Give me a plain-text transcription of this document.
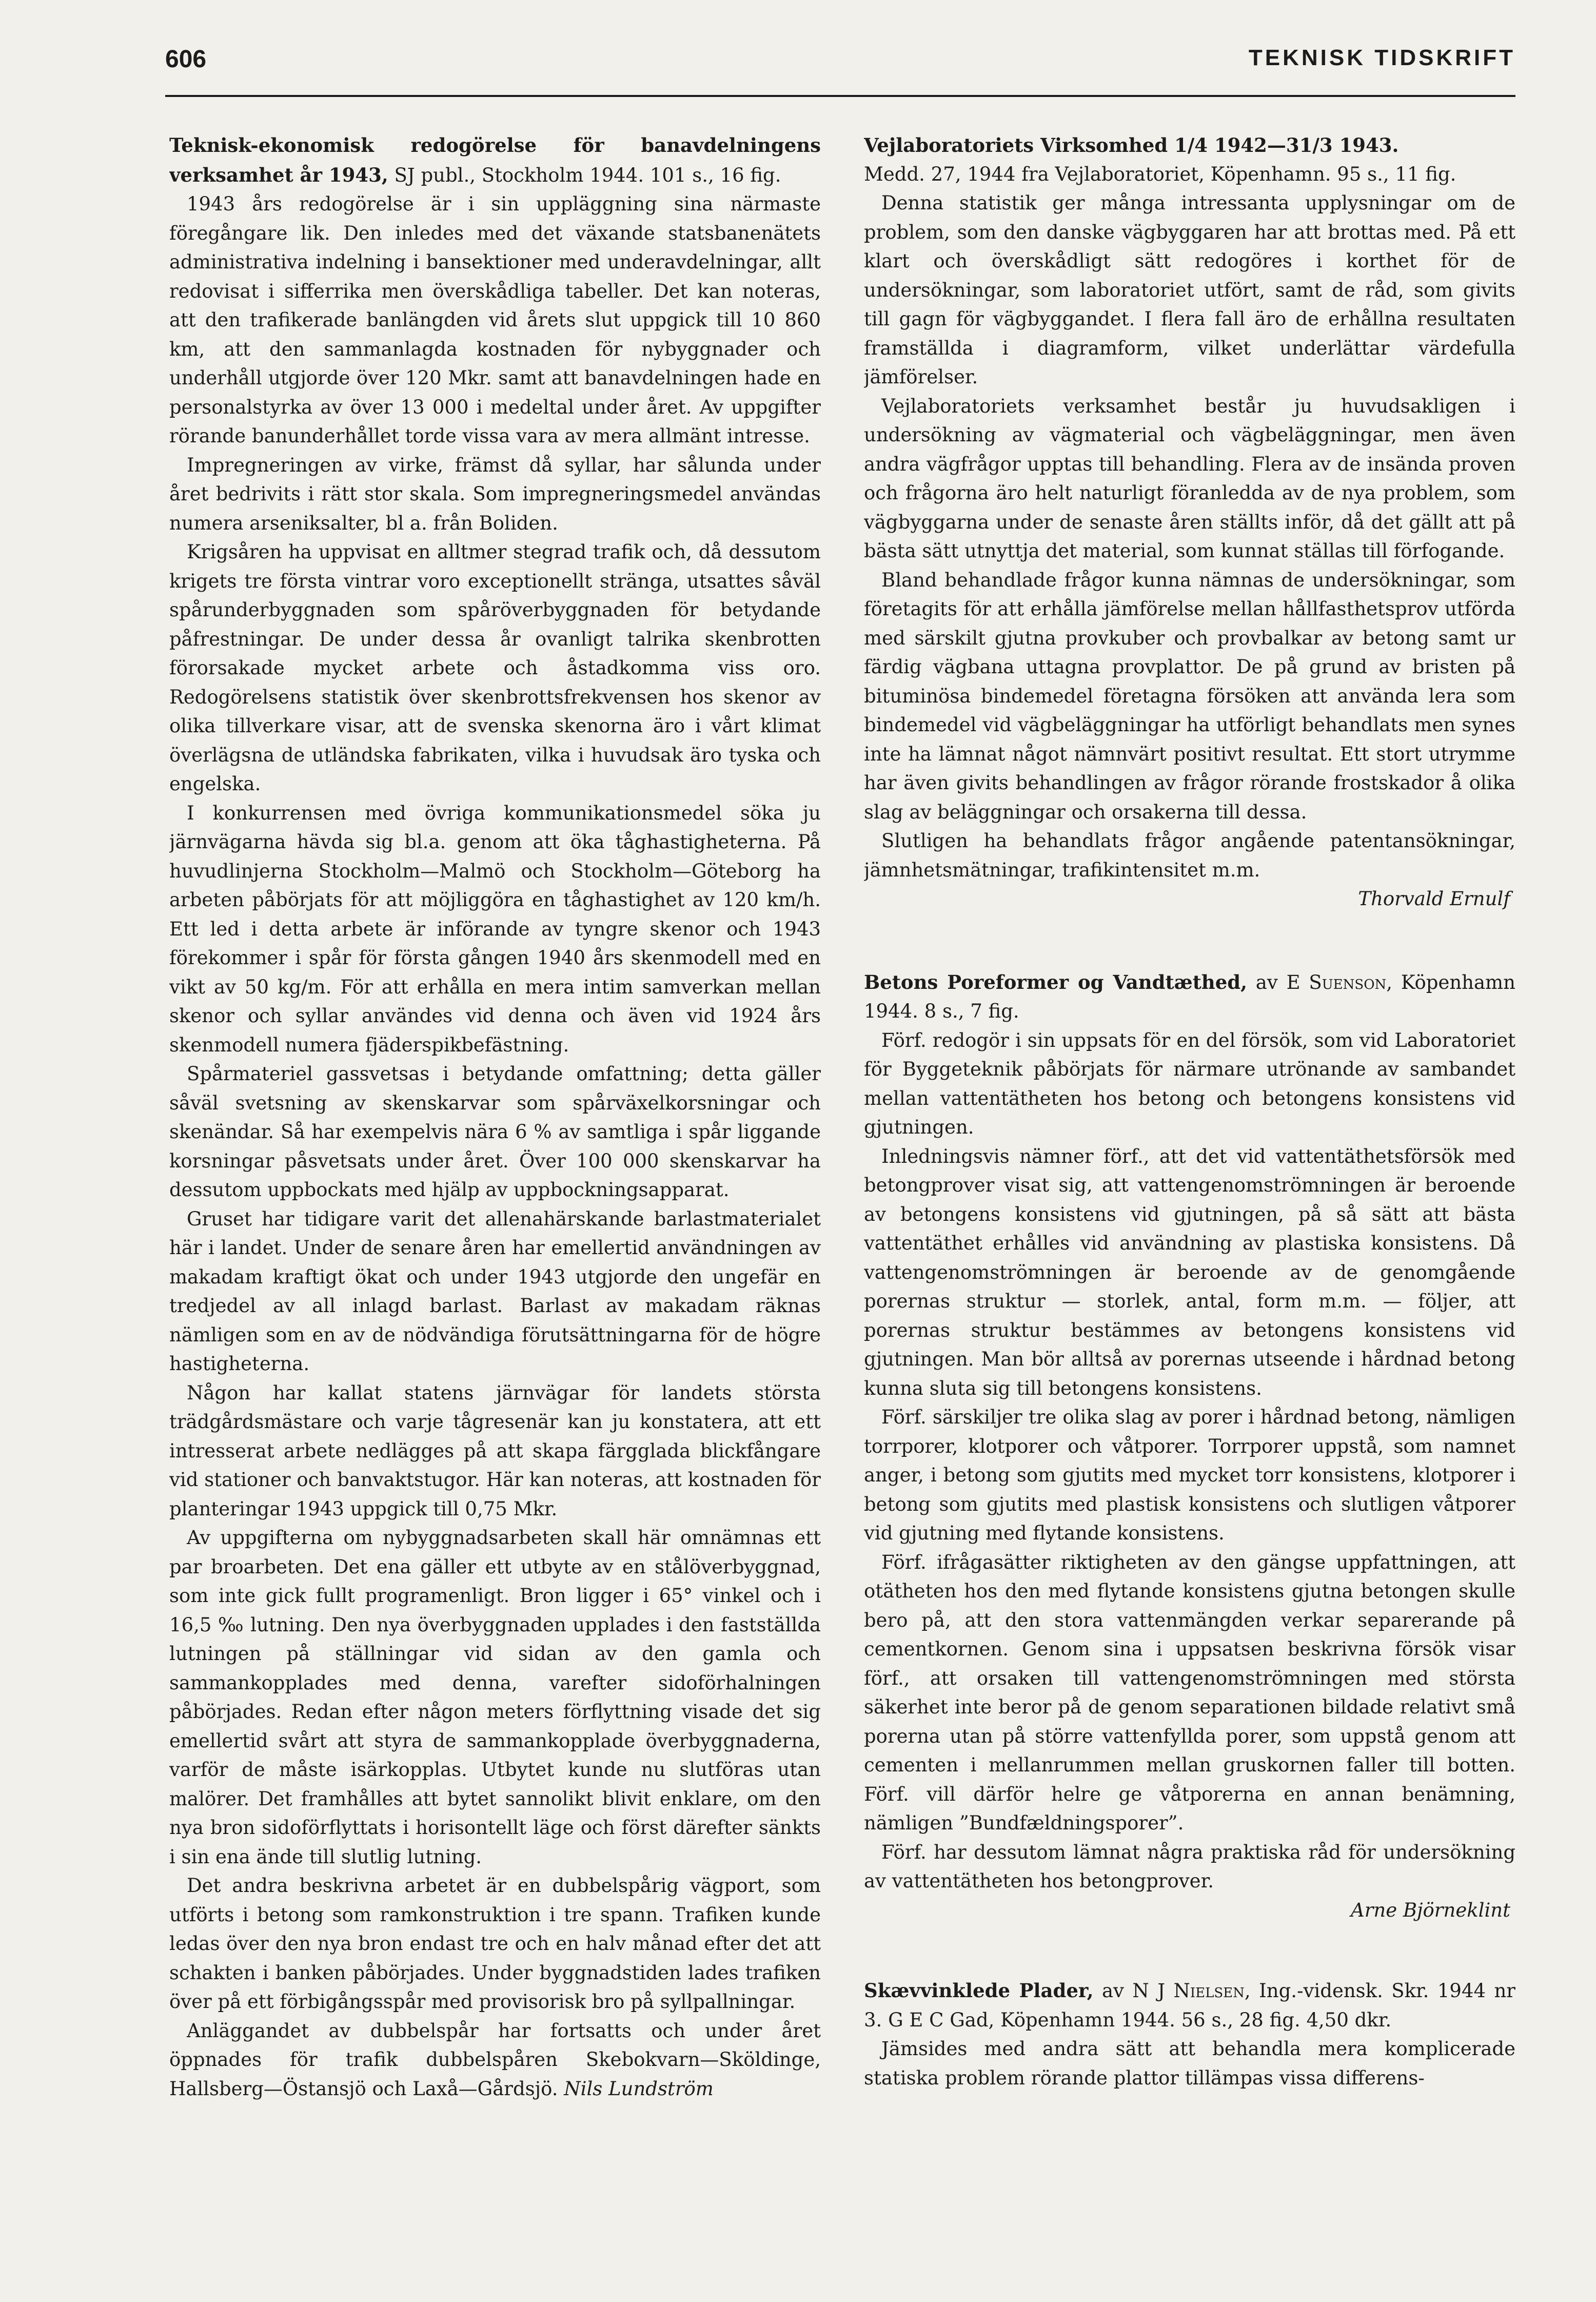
606	TEKNISK TIDSKRIFT

Teknisk-ekonomisk redogörelse för banavdelningens verksamhet år 1943, SJ publ., Stockholm 1944. 101 s., 16 fig.

1943 års redogörelse är i sin uppläggning sina närmaste föregångare lik. Den inledes med det växande statsbanenätets administrativa indelning i bansektioner med underavdelningar, allt redovisat i sifferrika men överskådliga tabeller. Det kan noteras, att den trafikerade banlängden vid årets slut uppgick till 10 860 km, att den sammanlagda kostnaden för nybyggnader och underhåll utgjorde över 120 Mkr. samt att banavdelningen hade en personalstyrka av över 13 000 i medeltal under året. Av uppgifter rörande banunderhållet torde vissa vara av mera allmänt intresse.

Impregneringen av virke, främst då syllar, har sålunda under året bedrivits i rätt stor skala. Som impregneringsmedel användas numera arseniksalter, bl a. från Boliden.

Krigsåren ha uppvisat en alltmer stegrad trafik och, då dessutom krigets tre första vintrar voro exceptionellt stränga, utsattes såväl spårunderbyggnaden som spåröverbyggnaden för betydande påfrestningar. De under dessa år ovanligt talrika skenbrotten förorsakade mycket arbete och åstadkomma viss oro. Redogörelsens statistik över skenbrottsfrekvensen hos skenor av olika tillverkare visar, att de svenska skenorna äro i vårt klimat överlägsna de utländska fabrikaten, vilka i huvudsak äro tyska och engelska.

I konkurrensen med övriga kommunikationsmedel söka ju järnvägarna hävda sig bl.a. genom att öka tåghastigheterna. På huvudlinjerna Stockholm—Malmö och Stockholm—Göteborg ha arbeten påbörjats för att möjliggöra en tåghastighet av 120 km/h. Ett led i detta arbete är införande av tyngre skenor och 1943 förekommer i spår för första gången 1940 års skenmodell med en vikt av 50 kg/m. För att erhålla en mera intim samverkan mellan skenor och syllar användes vid denna och även vid 1924 års skenmodell numera fjäderspikbefästning.

Spårmateriel gassvetsas i betydande omfattning; detta gäller såväl svetsning av skenskarvar som spårväxelkorsningar och skenändar. Så har exempelvis nära 6 % av samtliga i spår liggande korsningar påsvetsats under året. Över 100 000 skenskarvar ha dessutom uppbockats med hjälp av uppbockningsapparat.

Gruset har tidigare varit det allenahärskande barlastmaterialet här i landet. Under de senare åren har emellertid användningen av makadam kraftigt ökat och under 1943 utgjorde den ungefär en tredjedel av all inlagd barlast. Barlast av makadam räknas nämligen som en av de nödvändiga förutsättningarna för de högre hastigheterna.

Någon har kallat statens järnvägar för landets största trädgårdsmästare och varje tågresenär kan ju konstatera, att ett intresserat arbete nedlägges på att skapa färgglada blickfångare vid stationer och banvaktstugor. Här kan noteras, att kostnaden för planteringar 1943 uppgick till 0,75 Mkr.

Av uppgifterna om nybyggnadsarbeten skall här omnämnas ett par broarbeten. Det ena gäller ett utbyte av en stålöverbyggnad, som inte gick fullt programenligt. Bron ligger i 65° vinkel och i 16,5 ‰ lutning. Den nya överbyggnaden upplades i den fastställda lutningen på ställningar vid sidan av den gamla och sammankopplades med denna, varefter sidoförhalningen påbörjades. Redan efter någon meters förflyttning visade det sig emellertid svårt att styra de sammankopplade överbyggnaderna, varför de måste isärkopplas. Utbytet kunde nu slutföras utan malörer. Det framhålles att bytet sannolikt blivit enklare, om den nya bron sidoförflyttats i horisontellt läge och först därefter sänkts i sin ena ände till slutlig lutning.

Det andra beskrivna arbetet är en dubbelspårig vägport, som utförts i betong som ramkonstruktion i tre spann. Trafiken kunde ledas över den nya bron endast tre och en halv månad efter det att schakten i banken påbörjades. Under byggnadstiden lades trafiken över på ett förbigångsspår med provisorisk bro på syllpallningar.

Anläggandet av dubbelspår har fortsatts och under året öppnades för trafik dubbelspåren Skebokvarn—Sköldinge, Hallsberg—Östansjö och Laxå—Gårdsjö. Nils Lundström

Vejlaboratoriets Virksomhed 1/4 1942—31/3 1943.

Medd. 27, 1944 fra Vejlaboratoriet, Köpenhamn. 95 s., 11 fig.

Denna statistik ger många intressanta upplysningar om de problem, som den danske vägbyggaren har att brottas med. På ett klart och överskådligt sätt redogöres i korthet för de undersökningar, som laboratoriet utfört, samt de råd, som givits till gagn för vägbyggandet. I flera fall äro de erhållna resultaten framställda i diagramform, vilket underlättar värdefulla jämförelser.

Vejlaboratoriets verksamhet består ju huvudsakligen i undersökning av vägmaterial och vägbeläggningar, men även andra vägfrågor upptas till behandling. Flera av de insända proven och frågorna äro helt naturligt föranledda av de nya problem, som vägbyggarna under de senaste åren ställts inför, då det gällt att på bästa sätt utnyttja det material, som kunnat ställas till förfogande.

Bland behandlade frågor kunna nämnas de undersökningar, som företagits för att erhålla jämförelse mellan hållfasthetsprov utförda med särskilt gjutna provkuber och provbalkar av betong samt ur färdig vägbana uttagna provplattor. De på grund av bristen på bituminösa bindemedel företagna försöken att använda lera som bindemedel vid vägbeläggningar ha utförligt behandlats men synes inte ha lämnat något nämnvärt positivt resultat. Ett stort utrymme har även givits behandlingen av frågor rörande frostskador å olika slag av beläggningar och orsakerna till dessa.

Slutligen ha behandlats frågor angående patentansökningar, jämnhetsmätningar, trafikintensitet m.m.

Thorvald Ernulf

Betons Poreformer og Vandtæthed, av E Suenson, Köpenhamn 1944. 8 s., 7 fig.

Förf. redogör i sin uppsats för en del försök, som vid Laboratoriet för Byggeteknik påbörjats för närmare utrönande av sambandet mellan vattentätheten hos betong och betongens konsistens vid gjutningen.

Inledningsvis nämner förf., att det vid vattentäthetsförsök med betongprover visat sig, att vattengenomströmningen är beroende av betongens konsistens vid gjutningen, på så sätt att bästa vattentäthet erhålles vid användning av plastiska konsistens. Då vattengenomströmningen är beroende av de genomgående porernas struktur — storlek, antal, form m.m. — följer, att porernas struktur bestämmes av betongens konsistens vid gjutningen. Man bör alltså av porernas utseende i hårdnad betong kunna sluta sig till betongens konsistens.

Förf. särskiljer tre olika slag av porer i hårdnad betong, nämligen torrporer, klotporer och våtporer. Torrporer uppstå, som namnet anger, i betong som gjutits med mycket torr konsistens, klotporer i betong som gjutits med plastisk konsistens och slutligen våtporer vid gjutning med flytande konsistens.

Förf. ifrågasätter riktigheten av den gängse uppfattningen, att otätheten hos den med flytande konsistens gjutna betongen skulle bero på, att den stora vattenmängden verkar separerande på cementkornen. Genom sina i uppsatsen beskrivna försök visar förf., att orsaken till vattengenomströmningen med största säkerhet inte beror på de genom separationen bildade relativt små porerna utan på större vattenfyllda porer, som uppstå genom att cementen i mellanrummen mellan gruskornen faller till botten. Förf. vill därför helre ge våtporerna en annan benämning, nämligen ”Bundfældningsporer”.

Förf. har dessutom lämnat några praktiska råd för undersökning av vattentätheten hos betongprover.

Arne Björneklint

Skævvinklede Plader, av N J Nielsen, Ing.-vidensk. Skr. 1944 nr 3. G E C Gad, Köpenhamn 1944. 56 s., 28 fig. 4,50 dkr.

Jämsides med andra sätt att behandla mera komplicerade statiska problem rörande plattor tillämpas vissa differens-
